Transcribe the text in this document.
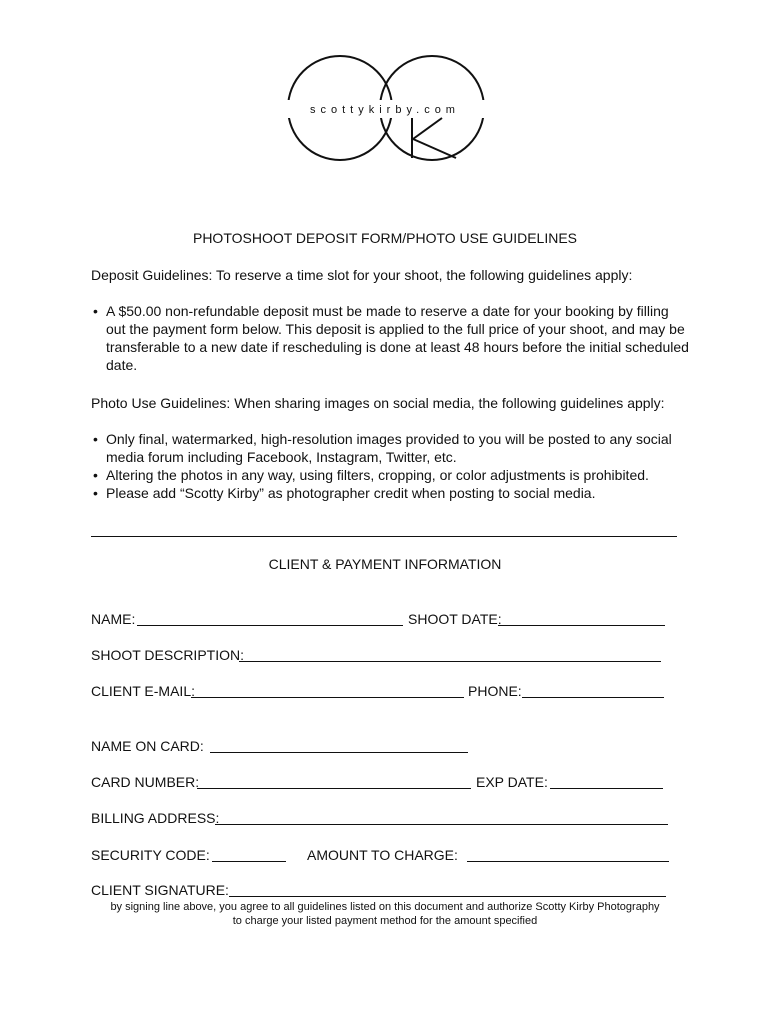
scottykirby.com
PHOTOSHOOT DEPOSIT FORM/PHOTO USE GUIDELINES
Deposit Guidelines: To reserve a time slot for your shoot, the following guidelines apply:
• A $50.00 non-refundable deposit must be made to reserve a date for your booking by filling out the payment form below. This deposit is applied to the full price of your shoot, and may be transferable to a new date if rescheduling is done at least 48 hours before the initial scheduled date.
Photo Use Guidelines: When sharing images on social media, the following guidelines apply:
• Only final, watermarked, high-resolution images provided to you will be posted to any social media forum including Facebook, Instagram, Twitter, etc.
• Altering the photos in any way, using filters, cropping, or color adjustments is prohibited.
• Please add “Scotty Kirby” as photographer credit when posting to social media.
CLIENT & PAYMENT INFORMATION
NAME:	SHOOT DATE:
SHOOT DESCRIPTION:
CLIENT E-MAIL:	PHONE:
NAME ON CARD:
CARD NUMBER:	EXP DATE:
BILLING ADDRESS:
SECURITY CODE:	AMOUNT TO CHARGE:
CLIENT SIGNATURE:
by signing line above, you agree to all guidelines listed on this document and authorize Scotty Kirby Photography
to charge your listed payment method for the amount specified
